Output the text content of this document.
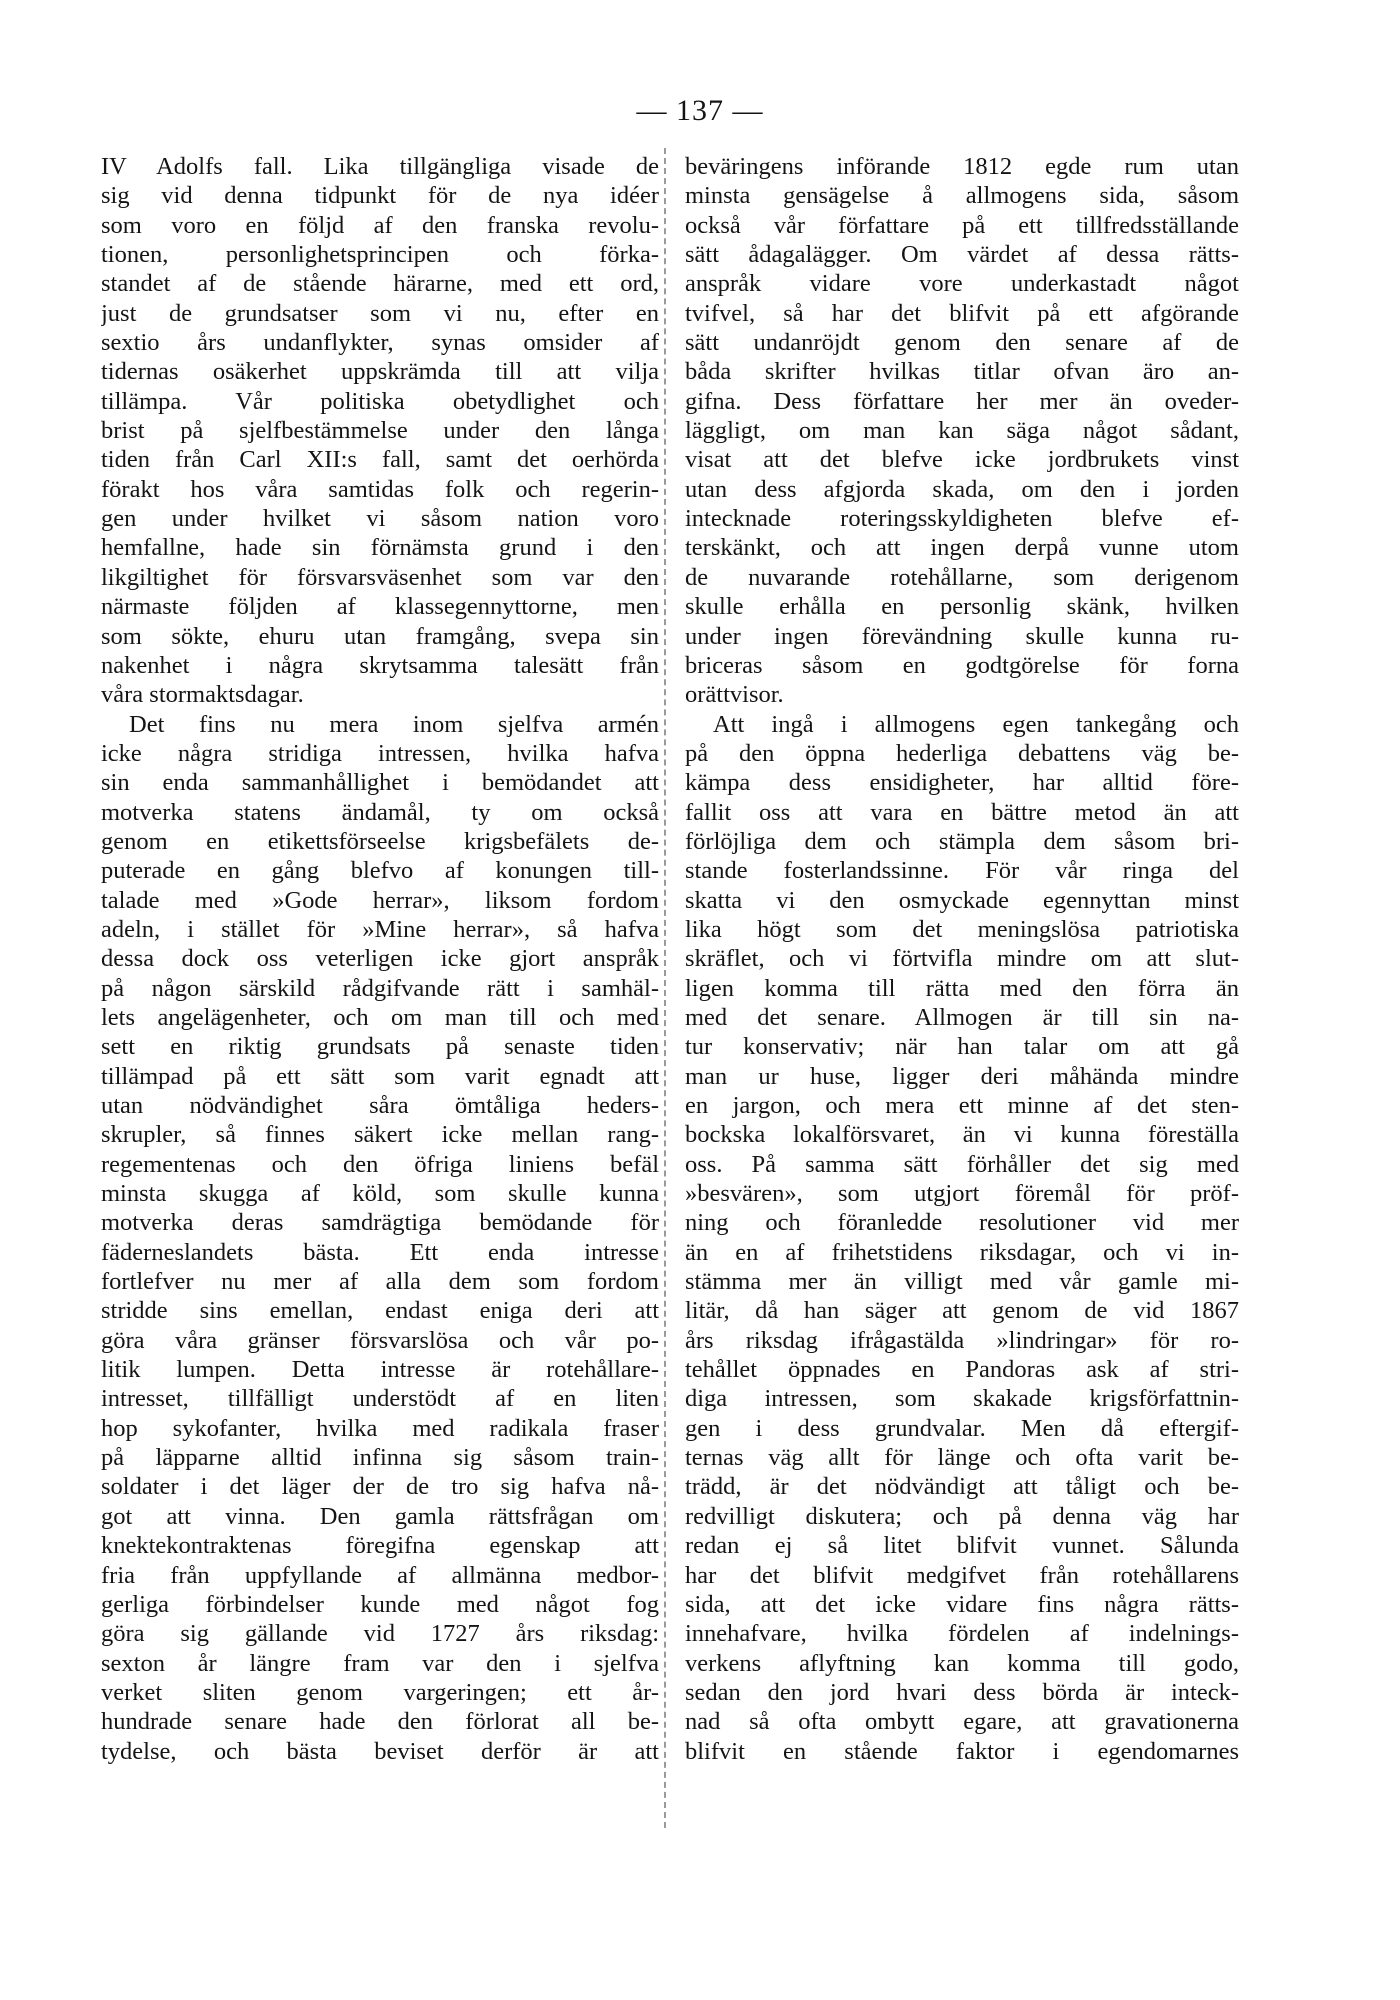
— 137 —
IV Adolfs fall. Lika tillgängliga visade de
sig vid denna tidpunkt för de nya idéer
som voro en följd af den franska revolu-
tionen, personlighetsprincipen och förka-
standet af de stående härarne, med ett ord,
just de grundsatser som vi nu, efter en
sextio års undanflykter, synas omsider af
tidernas osäkerhet uppskrämda till att vilja
tillämpa. Vår politiska obetydlighet och
brist på sjelfbestämmelse under den långa
tiden från Carl XII:s fall, samt det oerhörda
förakt hos våra samtidas folk och regerin-
gen under hvilket vi såsom nation voro
hemfallne, hade sin förnämsta grund i den
likgiltighet för försvarsväsenhet som var den
närmaste följden af klassegennyttorne, men
som sökte, ehuru utan framgång, svepa sin
nakenhet i några skrytsamma talesätt från
våra stormaktsdagar.
Det fins nu mera inom sjelfva armén
icke några stridiga intressen, hvilka hafva
sin enda sammanhållighet i bemödandet att
motverka statens ändamål, ty om också
genom en etikettsförseelse krigsbefälets de-
puterade en gång blefvo af konungen till-
talade med »Gode herrar», liksom fordom
adeln, i stället för »Mine herrar», så hafva
dessa dock oss veterligen icke gjort anspråk
på någon särskild rådgifvande rätt i samhäl-
lets angelägenheter, och om man till och med
sett en riktig grundsats på senaste tiden
tillämpad på ett sätt som varit egnadt att
utan nödvändighet såra ömtåliga heders-
skrupler, så finnes säkert icke mellan rang-
regementenas och den öfriga liniens befäl
minsta skugga af köld, som skulle kunna
motverka deras samdrägtiga bemödande för
fäderneslandets bästa. Ett enda intresse
fortlefver nu mer af alla dem som fordom
stridde sins emellan, endast eniga deri att
göra våra gränser försvarslösa och vår po-
litik lumpen. Detta intresse är rotehållare-
intresset, tillfälligt understödt af en liten
hop sykofanter, hvilka med radikala fraser
på läpparne alltid infinna sig såsom train-
soldater i det läger der de tro sig hafva nå-
got att vinna. Den gamla rättsfrågan om
knektekontraktenas föregifna egenskap att
fria från uppfyllande af allmänna medbor-
gerliga förbindelser kunde med något fog
göra sig gällande vid 1727 års riksdag:
sexton år längre fram var den i sjelfva
verket sliten genom vargeringen; ett år-
hundrade senare hade den förlorat all be-
tydelse, och bästa beviset derför är att
beväringens införande 1812 egde rum utan
minsta gensägelse å allmogens sida, såsom
också vår författare på ett tillfredsställande
sätt ådagalägger. Om värdet af dessa rätts-
anspråk vidare vore underkastadt något
tvifvel, så har det blifvit på ett afgörande
sätt undanröjdt genom den senare af de
båda skrifter hvilkas titlar ofvan äro an-
gifna. Dess författare her mer än oveder-
läggligt, om man kan säga något sådant,
visat att det blefve icke jordbrukets vinst
utan dess afgjorda skada, om den i jorden
intecknade roteringsskyldigheten blefve ef-
terskänkt, och att ingen derpå vunne utom
de nuvarande rotehållarne, som derigenom
skulle erhålla en personlig skänk, hvilken
under ingen förevändning skulle kunna ru-
briceras såsom en godtgörelse för forna
orättvisor.
Att ingå i allmogens egen tankegång och
på den öppna hederliga debattens väg be-
kämpa dess ensidigheter, har alltid före-
fallit oss att vara en bättre metod än att
förlöjliga dem och stämpla dem såsom bri-
stande fosterlandssinne. För vår ringa del
skatta vi den osmyckade egennyttan minst
lika högt som det meningslösa patriotiska
skräflet, och vi förtvifla mindre om att slut-
ligen komma till rätta med den förra än
med det senare. Allmogen är till sin na-
tur konservativ; när han talar om att gå
man ur huse, ligger deri måhända mindre
en jargon, och mera ett minne af det sten-
bockska lokalförsvaret, än vi kunna föreställa
oss. På samma sätt förhåller det sig med
»besvären», som utgjort föremål för pröf-
ning och föranledde resolutioner vid mer
än en af frihetstidens riksdagar, och vi in-
stämma mer än villigt med vår gamle mi-
litär, då han säger att genom de vid 1867
års riksdag ifrågastälda »lindringar» för ro-
tehållet öppnades en Pandoras ask af stri-
diga intressen, som skakade krigsförfattnin-
gen i dess grundvalar. Men då eftergif-
ternas väg allt för länge och ofta varit be-
trädd, är det nödvändigt att tåligt och be-
redvilligt diskutera; och på denna väg har
redan ej så litet blifvit vunnet. Sålunda
har det blifvit medgifvet från rotehållarens
sida, att det icke vidare fins några rätts-
innehafvare, hvilka fördelen af indelnings-
verkens aflyftning kan komma till godo,
sedan den jord hvari dess börda är inteck-
nad så ofta ombytt egare, att gravationerna
blifvit en stående faktor i egendomarnes
